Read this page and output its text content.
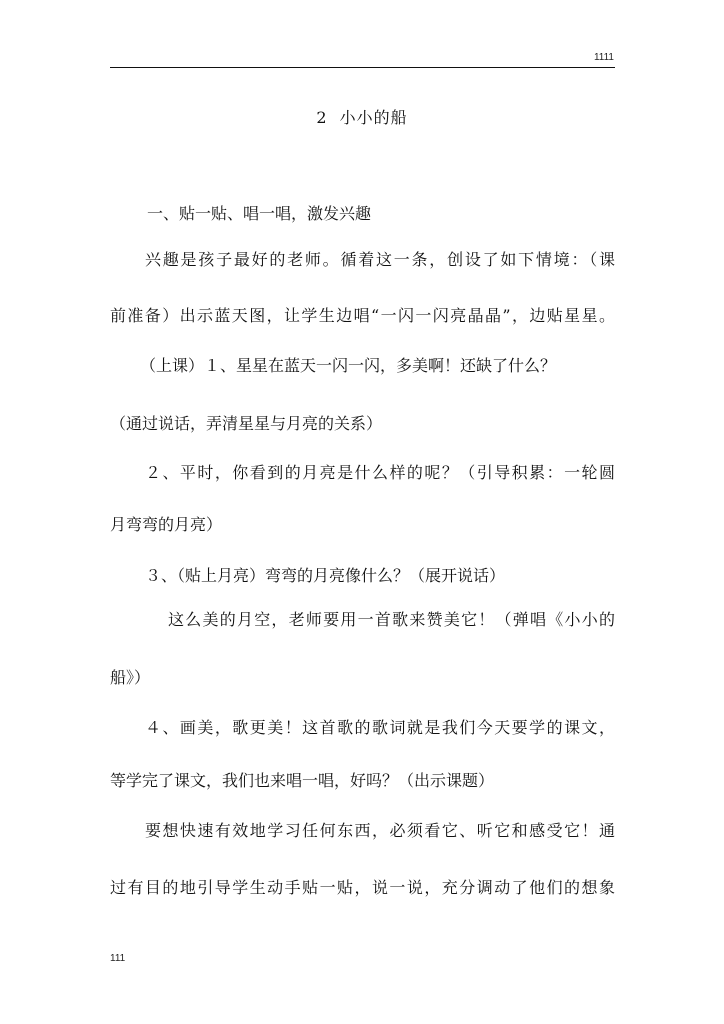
1111
2 小小的船
一、贴一贴、唱一唱，激发兴趣
兴趣是孩子最好的老师。循着这一条，创设了如下情境：（课
前准备）出示蓝天图，让学生边唱“一闪一闪亮晶晶”，边贴星星。
（上课）１、星星在蓝天一闪一闪，多美啊！还缺了什么？
（通过说话，弄清星星与月亮的关系）
２、平时，你看到的月亮是什么样的呢？（引导积累：一轮圆
月弯弯的月亮）
３、（贴上月亮）弯弯的月亮像什么？（展开说话）
这么美的月空，老师要用一首歌来赞美它！（弹唱《小小的
船》）
４、画美，歌更美！这首歌的歌词就是我们今天要学的课文，
等学完了课文，我们也来唱一唱，好吗？（出示课题）
要想快速有效地学习任何东西，必须看它、听它和感受它！通
过有目的地引导学生动手贴一贴，说一说，充分调动了他们的想象
111
